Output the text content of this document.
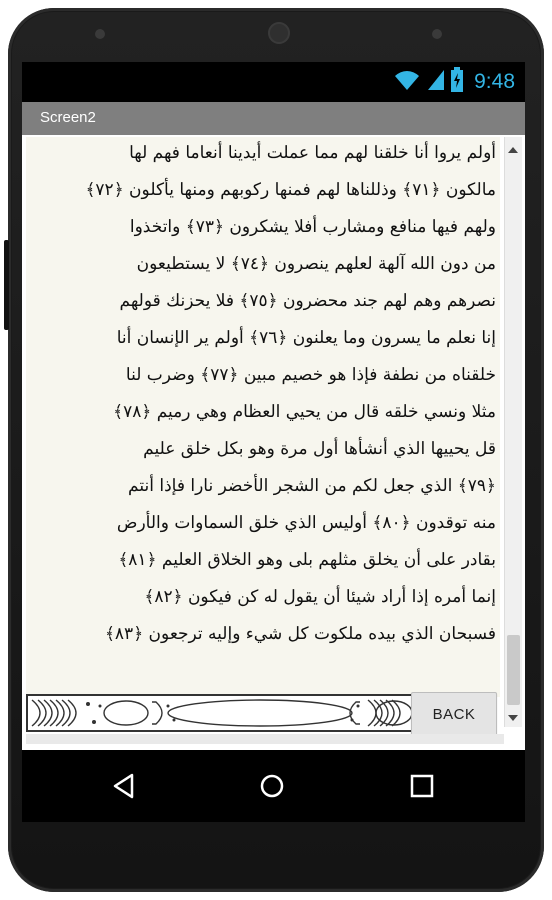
9:48
Screen2
أولم يروا أنا خلقنا لهم مما عملت أيدينا أنعاما فهم لها
مالكون ﴿٧١﴾ وذللناها لهم فمنها ركوبهم ومنها يأكلون ﴿٧٢﴾
ولهم فيها منافع ومشارب أفلا يشكرون ﴿٧٣﴾ واتخذوا
من دون الله آلهة لعلهم ينصرون ﴿٧٤﴾ لا يستطيعون
نصرهم وهم لهم جند محضرون ﴿٧٥﴾ فلا يحزنك قولهم
إنا نعلم ما يسرون وما يعلنون ﴿٧٦﴾ أولم ير الإنسان أنا
خلقناه من نطفة فإذا هو خصيم مبين ﴿٧٧﴾ وضرب لنا
مثلا ونسي خلقه قال من يحيي العظام وهي رميم ﴿٧٨﴾
قل يحييها الذي أنشأها أول مرة وهو بكل خلق عليم
﴿٧٩﴾ الذي جعل لكم من الشجر الأخضر نارا فإذا أنتم
منه توقدون ﴿٨٠﴾ أوليس الذي خلق السماوات والأرض
بقادر على أن يخلق مثلهم بلى وهو الخلاق العليم ﴿٨١﴾
إنما أمره إذا أراد شيئا أن يقول له كن فيكون ﴿٨٢﴾
فسبحان الذي بيده ملكوت كل شيء وإليه ترجعون ﴿٨٣﴾
BACK
